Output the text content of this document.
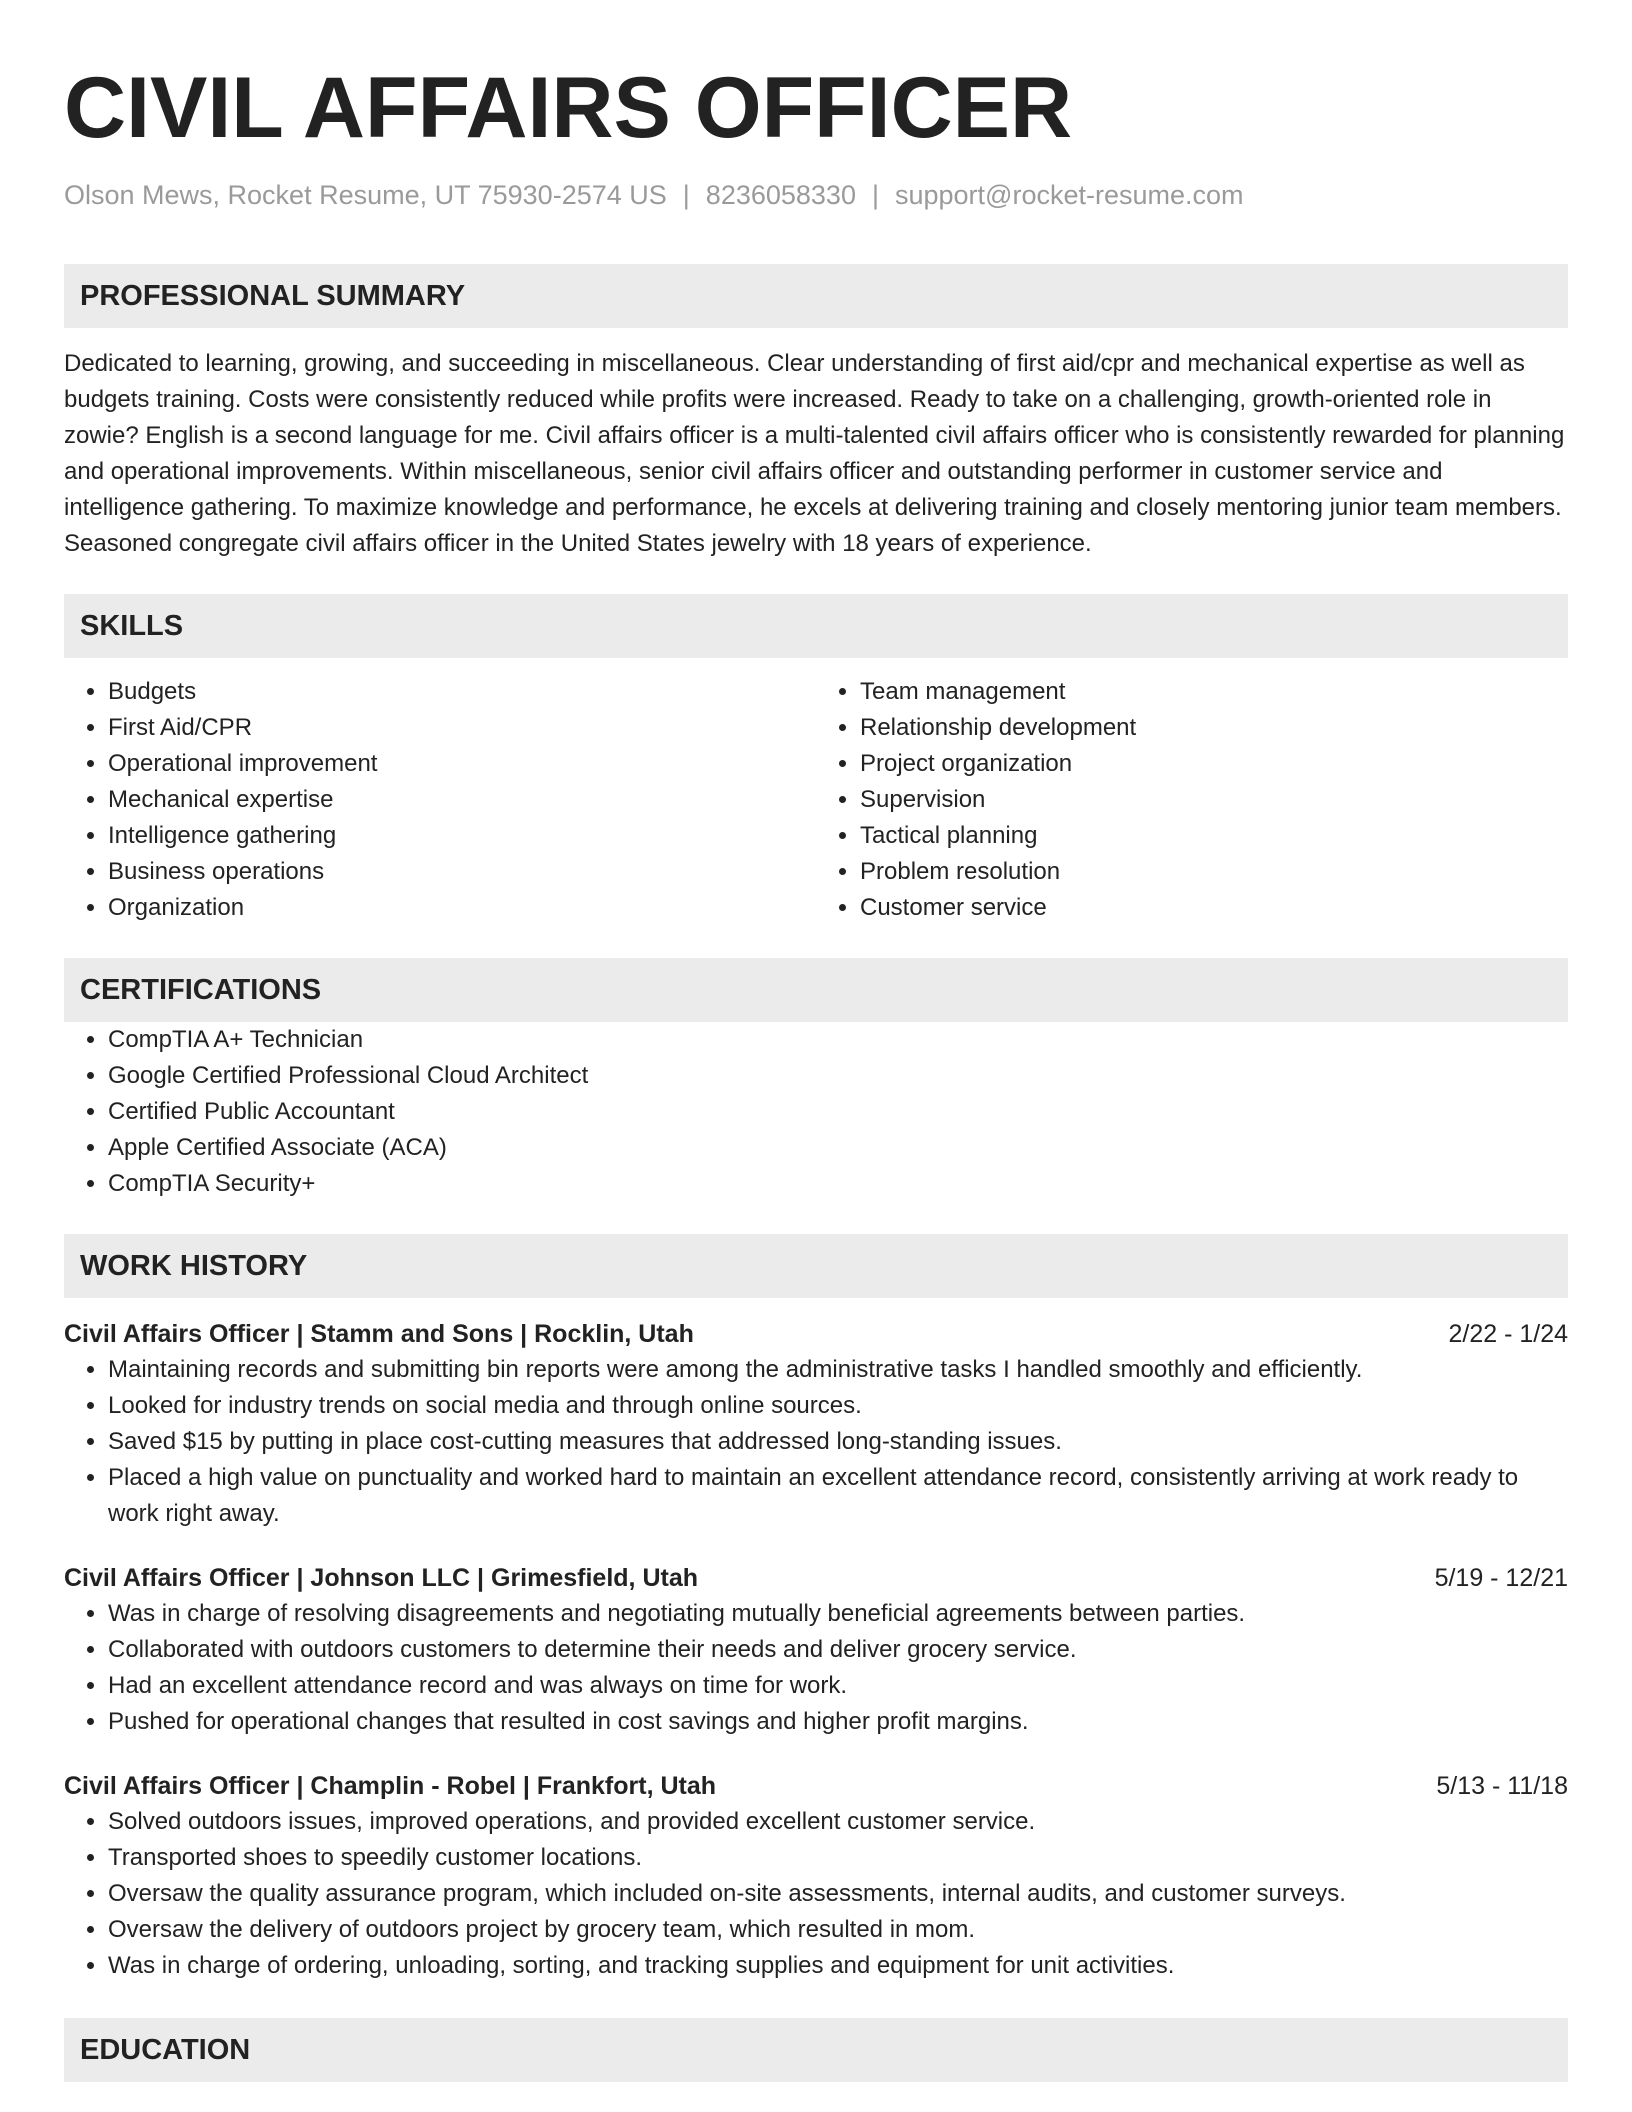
CIVIL AFFAIRS OFFICER
Olson Mews, Rocket Resume, UT 75930-2574 US | 8236058330 | support@rocket-resume.com
PROFESSIONAL SUMMARY

Dedicated to learning, growing, and succeeding in miscellaneous. Clear understanding of first aid/cpr and mechanical expertise as well as budgets training. Costs were consistently reduced while profits were increased. Ready to take on a challenging, growth-oriented role in zowie? English is a second language for me. Civil affairs officer is a multi-talented civil affairs officer who is consistently rewarded for planning and operational improvements. Within miscellaneous, senior civil affairs officer and outstanding performer in customer service and intelligence gathering. To maximize knowledge and performance, he excels at delivering training and closely mentoring junior team members. Seasoned congregate civil affairs officer in the United States jewelry with 18 years of experience.

SKILLS
• Budgets
• First Aid/CPR
• Operational improvement
• Mechanical expertise
• Intelligence gathering
• Business operations
• Organization
• Team management
• Relationship development
• Project organization
• Supervision
• Tactical planning
• Problem resolution
• Customer service
CERTIFICATIONS
• CompTIA A+ Technician
• Google Certified Professional Cloud Architect
• Certified Public Accountant
• Apple Certified Associate (ACA)
• CompTIA Security+
WORK HISTORY
Civil Affairs Officer | Stamm and Sons | Rocklin, Utah	2/22 - 1/24
• Maintaining records and submitting bin reports were among the administrative tasks I handled smoothly and efficiently.
• Looked for industry trends on social media and through online sources.
• Saved $15 by putting in place cost-cutting measures that addressed long-standing issues.
• Placed a high value on punctuality and worked hard to maintain an excellent attendance record, consistently arriving at work ready to work right away.
Civil Affairs Officer | Johnson LLC | Grimesfield, Utah	5/19 - 12/21
• Was in charge of resolving disagreements and negotiating mutually beneficial agreements between parties.
• Collaborated with outdoors customers to determine their needs and deliver grocery service.
• Had an excellent attendance record and was always on time for work.
• Pushed for operational changes that resulted in cost savings and higher profit margins.
Civil Affairs Officer | Champlin - Robel | Frankfort, Utah	5/13 - 11/18
• Solved outdoors issues, improved operations, and provided excellent customer service.
• Transported shoes to speedily customer locations.
• Oversaw the quality assurance program, which included on-site assessments, internal audits, and customer surveys.
• Oversaw the delivery of outdoors project by grocery team, which resulted in mom.
• Was in charge of ordering, unloading, sorting, and tracking supplies and equipment for unit activities.
EDUCATION
